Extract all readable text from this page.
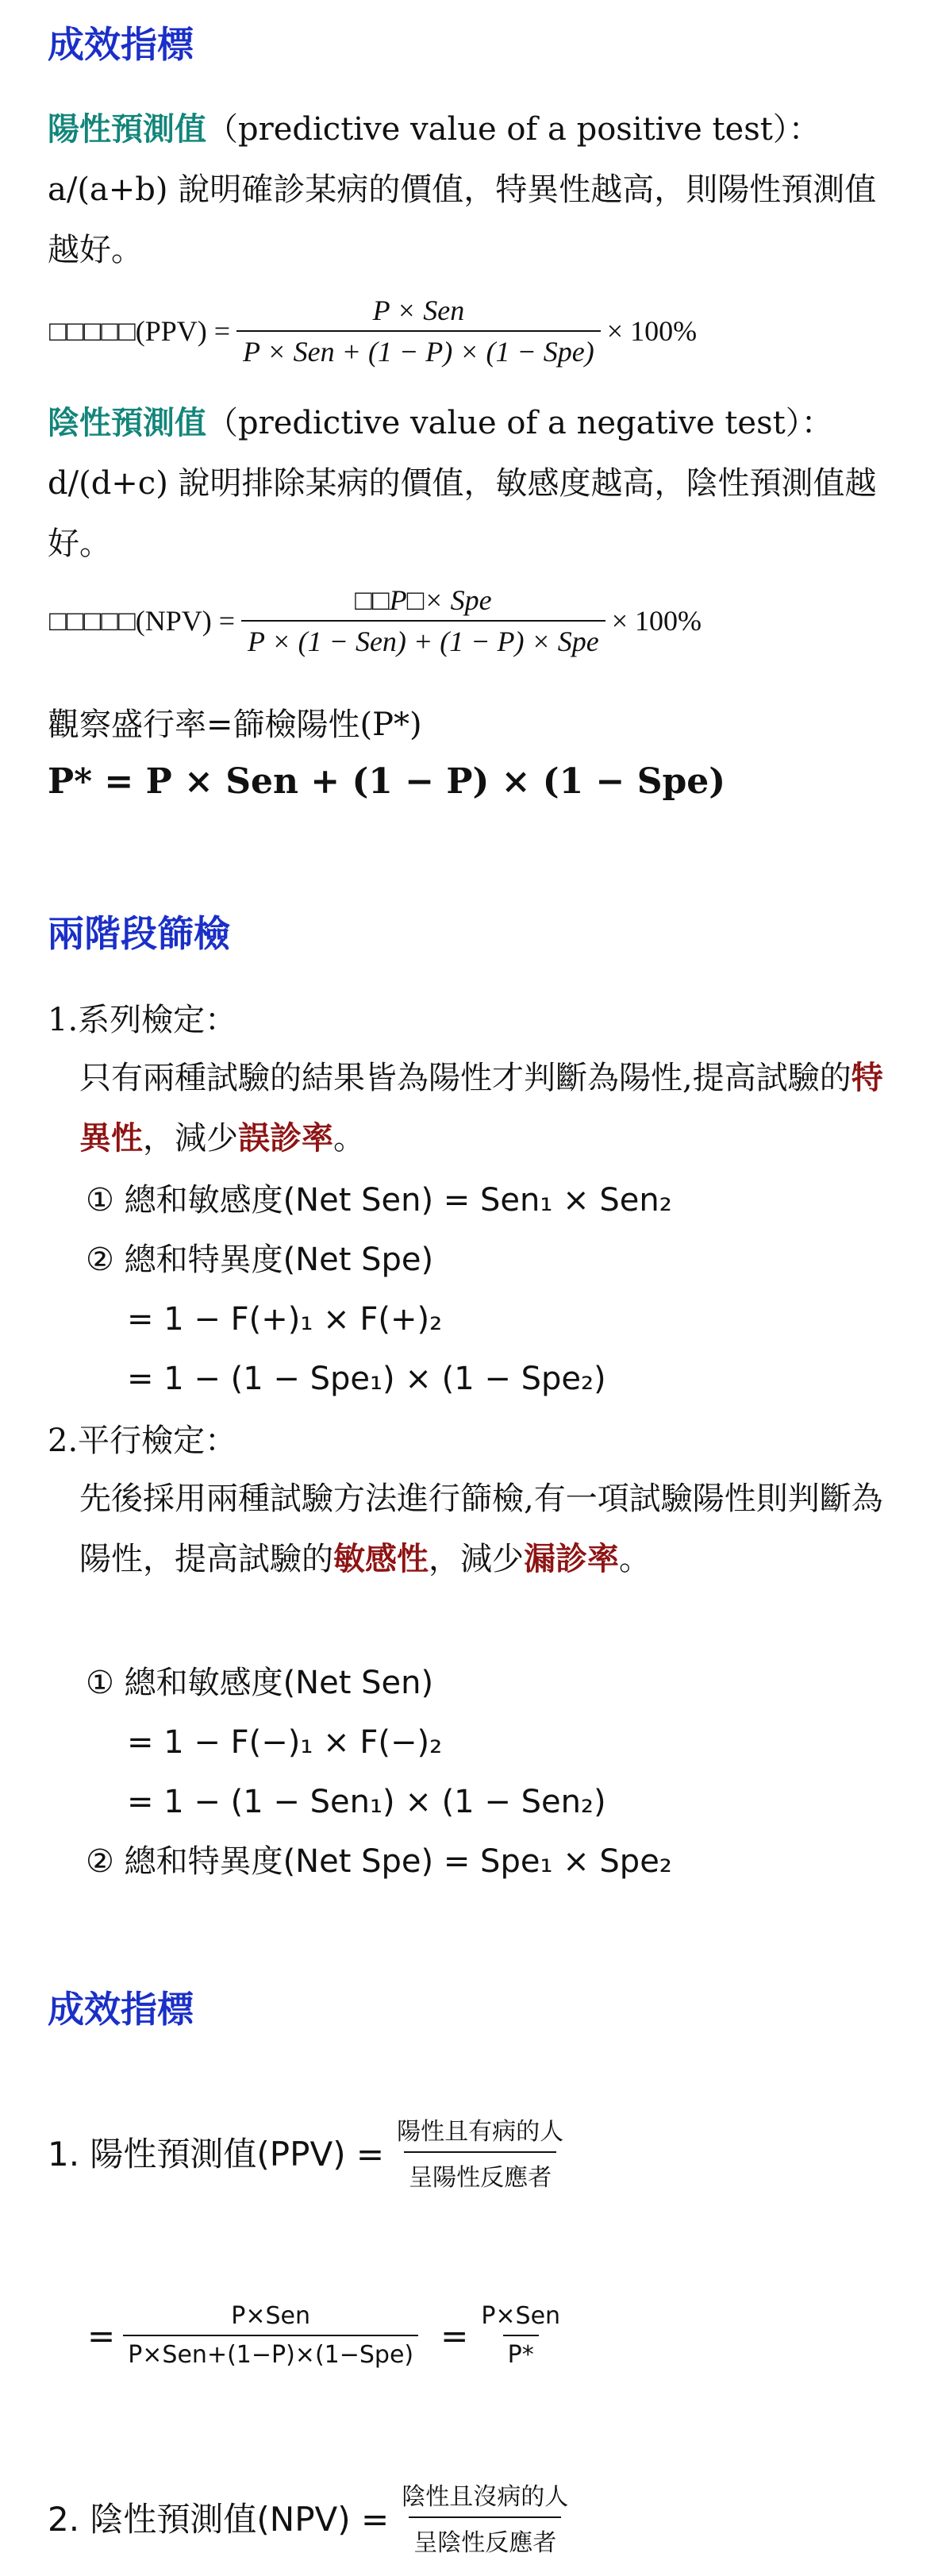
成效指標
陽性預測值（predictive value of a positive test）：
a/(a+b) 說明確診某病的價值，特異性越高，則陽性預測值越好。
□□□□□(PPV) = $\frac{\text{P × Sen}}{\text{P × Sen + (1 − P) × (1 − Spe)}} \times 100\%$
陰性預測值（predictive value of a negative test）：
d/(d+c) 說明排除某病的價值，敏感度越高，陰性預測值越好。
□□□□□(NPV) = $\frac{\text{□□P□× Spe}}{\text{P × (1 − Sen) + (1 − P) × Spe}} \times 100\%$
觀察盛行率=篩檢陽性(P*)
P* = P × Sen + (1 − P) × (1 − Spe)
兩階段篩檢
1.系列檢定：
只有兩種試驗的結果皆為陽性才判斷為陽性,提高試驗的特異性，減少誤診率。
① 總和敏感度(Net Sen) = Sen₁ × Sen₂
② 總和特異度(Net Spe)
= 1 − F(+)₁ × F(+)₂
= 1 − (1 − Spe₁) × (1 − Spe₂)
2.平行檢定：
先後採用兩種試驗方法進行篩檢,有一項試驗陽性則判斷為陽性，提高試驗的敏感性，減少漏診率。
① 總和敏感度(Net Sen)
= 1 − F(−)₁ × F(−)₂
= 1 − (1 − Sen₁) × (1 − Sen₂)
② 總和特異度(Net Spe) = Spe₁ × Spe₂
成效指標
1. 陽性預測值$(PPV) = \frac{\text{陽性且有病的人}}{\text{呈陽性反應者}}$
= $\frac{\text{P×Sen}}{\text{P×Sen+(1−P)×(1−Spe)}} = \frac{\text{P×Sen}}{P*}$
2. 陰性預測值$(NPV) = \frac{\text{陰性且沒病的人}}{\text{呈陰性反應者}}$
